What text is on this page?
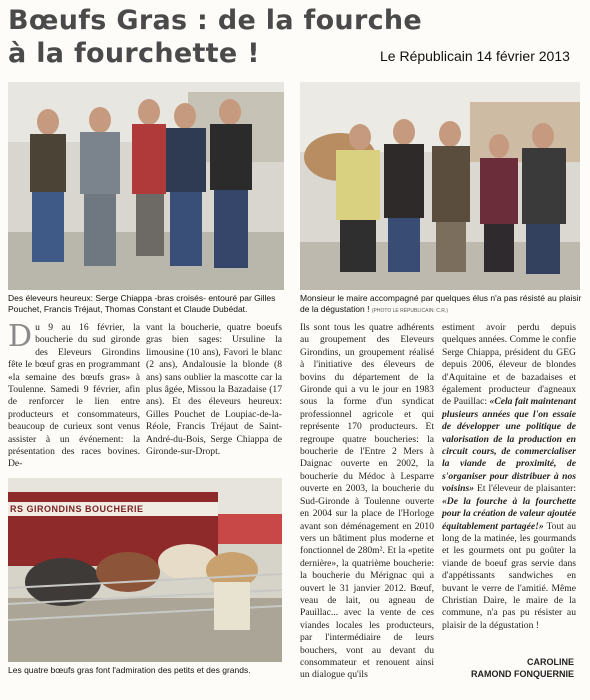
Bœufs Gras : de la fourche
à la fourchette !	Le Républicain 14 février 2013
Des éleveurs heureux: Serge Chiappa -bras croisés- entouré par Gilles Pouchet, Francis Tréjaut, Thomas Constant et Claude Dubédat.
Monsieur le maire accompagné par quelques élus n'a pas résisté au plaisir de la dégustation ! (PHOTO LE RÉPUBLICAIN: C.R.)

Du 9 au 16 février, la boucherie du sud gironde des Eleveurs Girondins fête le bœuf gras en programmant «la semaine des bœufs gras» à Toulenne. Samedi 9 février, afin de renforcer le lien entre producteurs et consommateurs, beaucoup de curieux sont venus assister à un événement: la présentation des races bovines. De-

vant la boucherie, quatre boeufs gras bien sages: Ursuline la limousine (10 ans), Favori le blanc (2 ans), Andalousie la blonde (8 ans) sans oublier la mascotte car la plus âgée, Missou la Bazadaise (17 ans). Et des éleveurs heureux: Gilles Pouchet de Loupiac-de-la-Réole, Francis Tréjaut de Saint-André-du-Bois, Serge Chiappa de Gironde-sur-Dropt.

RS GIRONDINS BOUCHERIE
Les quatre bœufs gras font l'admiration des petits et des grands.

Ils sont tous les quatre adhérents au groupement des Eleveurs Girondins, un groupement réalisé à l'initiative des éleveurs de bovins du département de la Gironde qui a vu le jour en 1983 sous la forme d'un syndicat professionnel agricole et qui représente 170 producteurs. Et regroupe quatre boucheries: la boucherie de l'Entre 2 Mers à Daignac ouverte en 2002, la boucherie du Médoc à Lesparre ouverte en 2003, la boucherie du Sud-Gironde à Toulenne ouverte en 2004 sur la place de l'Horloge avant son déménagement en 2010 vers un bâtiment plus moderne et fonctionnel de 280m². Et la «petite dernière», la quatrième boucherie: la boucherie du Mérignac qui a ouvert le 31 janvier 2012. Bœuf, veau de lait, ou agneau de Pauillac... avec la vente de ces viandes locales les producteurs, par l'intermédiaire de leurs bouchers, vont au devant du consommateur et renouent ainsi un dialogue qu'ils

estiment avoir perdu depuis quelques années. Comme le confie Serge Chiappa, président du GEG depuis 2006, éleveur de blondes d'Aquitaine et de bazadaises et également producteur d'agneaux de Pauillac: «Cela fait maintenant plusieurs années que l'on essaie de développer une politique de valorisation de la production en circuit cours, de commercialiser la viande de proximité, de s'organiser pour distribuer à nos voisins» Et l'éleveur de plaisanter: «De la fourche à la fourchette pour la création de valeur ajoutée équitablement partagée!» Tout au long de la matinée, les gourmands et les gourmets ont pu goûter la viande de boeuf gras servie dans d'appétissants sandwiches en buvant le verre de l'amitié. Même Christian Daire, le maire de la commune, n'a pas pu résister au plaisir de la dégustation !

CAROLINE
RAMOND FONQUERNIE
